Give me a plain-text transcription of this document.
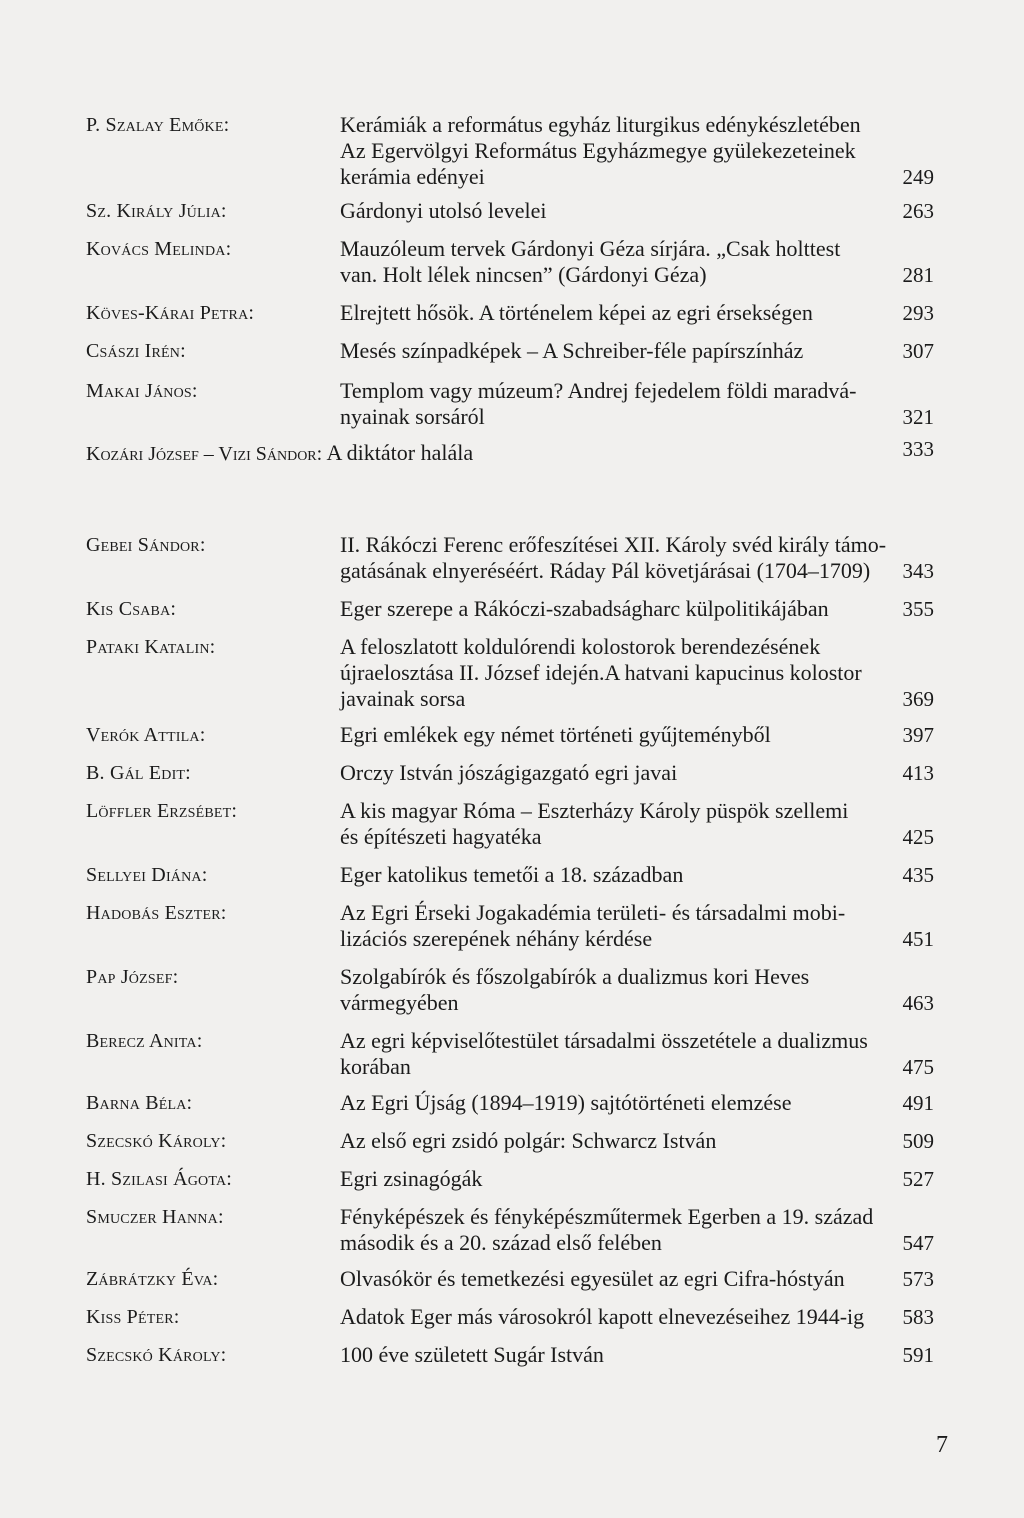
P. Szalay Emőke:	Kerámiák a református egyház liturgikus edénykészletében
Az Egervölgyi Református Egyházmegye gyülekezeteinek
kerámia edényei	249
Sz. Király Júlia:	Gárdonyi utolsó levelei	263
Kovács Melinda:	Mauzóleum tervek Gárdonyi Géza sírjára. „Csak holttest
van. Holt lélek nincsen” (Gárdonyi Géza)	281
Köves-Kárai Petra:	Elrejtett hősök. A történelem képei az egri érsekségen	293
Császi Irén:	Mesés színpadképek – A Schreiber-féle papírszínház	307
Makai János:	Templom vagy múzeum? Andrej fejedelem földi maradvá-
nyainak sorsáról	321
Kozári József – Vizi Sándor: A diktátor halála	333
Gebei Sándor:	II. Rákóczi Ferenc erőfeszítései XII. Károly svéd király támo-
gatásának elnyeréséért. Ráday Pál követjárásai (1704–1709)	343
Kis Csaba:	Eger szerepe a Rákóczi-szabadságharc külpolitikájában	355
Pataki Katalin:	A feloszlatott koldulórendi kolostorok berendezésének
újraelosztása II. József idején.A hatvani kapucinus kolostor
javainak sorsa	369
Verók Attila:	Egri emlékek egy német történeti gyűjteményből	397
B. Gál Edit:	Orczy István jószágigazgató egri javai	413
Löffler Erzsébet:	A kis magyar Róma – Eszterházy Károly püspök szellemi
és építészeti hagyatéka	425
Sellyei Diána:	Eger katolikus temetői a 18. században	435
Hadobás Eszter:	Az Egri Érseki Jogakadémia területi- és társadalmi mobi-
lizációs szerepének néhány kérdése	451
Pap József:	Szolgabírók és főszolgabírók a dualizmus kori Heves
vármegyében	463
Berecz Anita:	Az egri képviselőtestület társadalmi összetétele a dualizmus
korában	475
Barna Béla:	Az Egri Újság (1894–1919) sajtótörténeti elemzése	491
Szecskó Károly:	Az első egri zsidó polgár: Schwarcz István	509
H. Szilasi Ágota:	Egri zsinagógák	527
Smuczer Hanna:	Fényképészek és fényképészműtermek Egerben a 19. század
második és a 20. század első felében	547
Zábrátzky Éva:	Olvasókör és temetkezési egyesület az egri Cifra-hóstyán	573
Kiss Péter:	Adatok Eger más városokról kapott elnevezéseihez 1944-ig	583
Szecskó Károly:	100 éve született Sugár István	591
7
